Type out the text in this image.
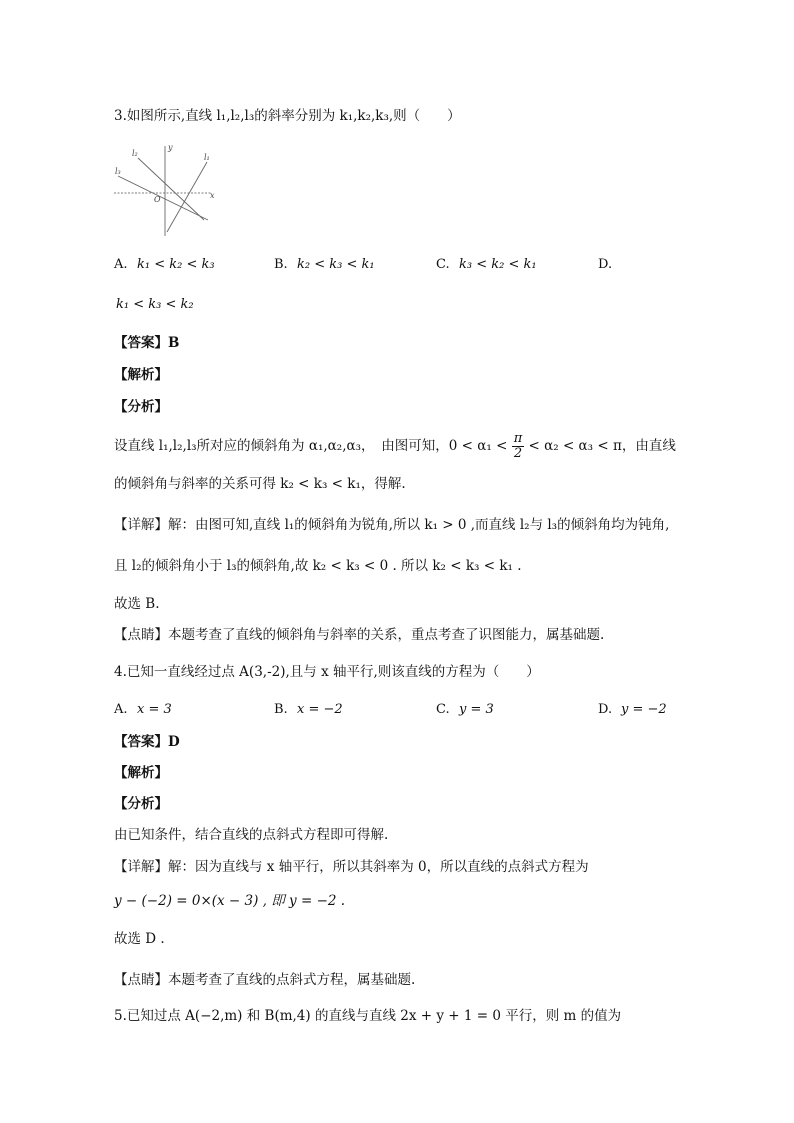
3.如图所示,直线 l₁,l₂,l₃的斜率分别为 k₁,k₂,k₃,则（　　）
l₂
l₃
l₁
y
x
O
A. k₁ < k₂ < k₃	B. k₂ < k₃ < k₁	C. k₃ < k₂ < k₁	D.
k₁ < k₃ < k₂
【答案】B
【解析】
【分析】
设直线 l₁,l₂,l₃所对应的倾斜角为 α₁,α₂,α₃，　由图可知，$0 < \alpha_1 < \frac{\pi}{2} < \alpha_2 < \alpha_3 < \pi$，由直线
的倾斜角与斜率的关系可得 k₂ < k₃ < k₁，得解.
【详解】解：由图可知,直线 l₁的倾斜角为锐角,所以 k₁ > 0 ,而直线 l₂与 l₃的倾斜角均为钝角,
且 l₂的倾斜角小于 l₃的倾斜角,故 k₂ < k₃ < 0 . 所以 k₂ < k₃ < k₁ .
故选 B.
【点睛】本题考查了直线的倾斜角与斜率的关系，重点考查了识图能力，属基础题.
4.已知一直线经过点 A(3,-2),且与 x 轴平行,则该直线的方程为（　　）
A. x = 3	B. x = −2	C. y = 3	D. y = −2
【答案】D
【解析】
【分析】
由已知条件，结合直线的点斜式方程即可得解.
【详解】解：因为直线与 x 轴平行，所以其斜率为 0，所以直线的点斜式方程为
y − (−2) = 0×(x − 3) , 即 y = −2 .
故选 D .
【点睛】本题考查了直线的点斜式方程，属基础题.
5.已知过点 A(−2,m) 和 B(m,4) 的直线与直线 2x + y + 1 = 0 平行，则 m 的值为
